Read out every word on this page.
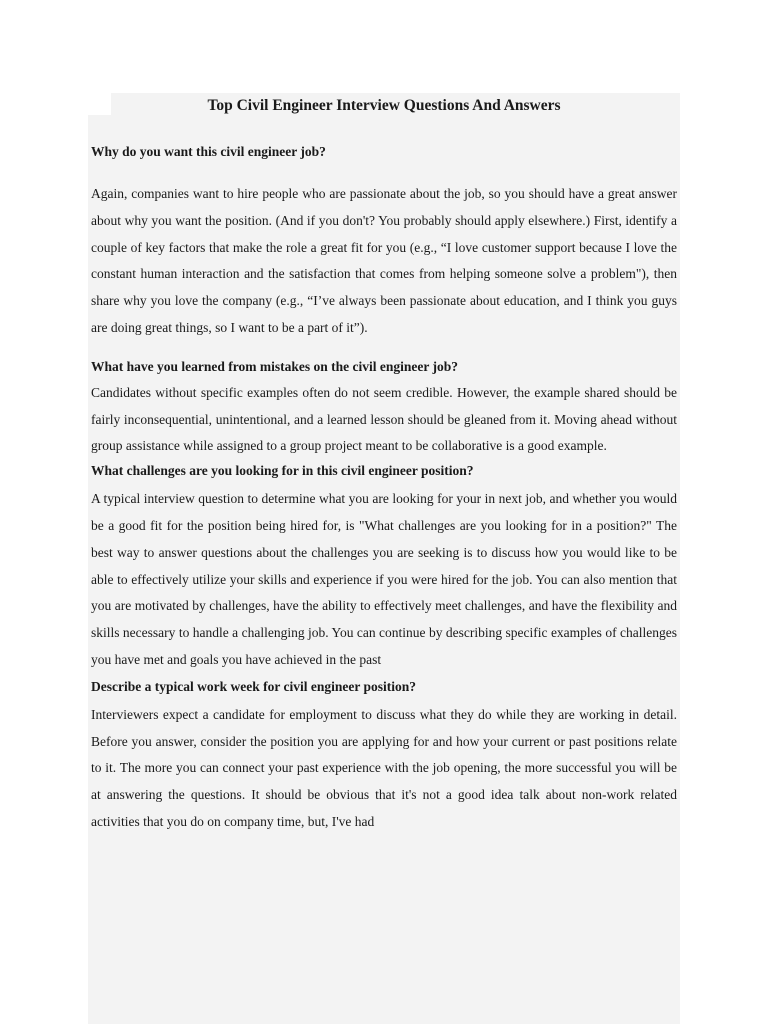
Top Civil Engineer Interview Questions And Answers

Why do you want this civil engineer job?

Again, companies want to hire people who are passionate about the job, so you should have a great answer about why you want the position. (And if you don't? You probably should apply elsewhere.) First, identify a couple of key factors that make the role a great fit for you (e.g., “I love customer support because I love the constant human interaction and the satisfaction that comes from helping someone solve a problem"), then share why you love the company (e.g., “I’ve always been passionate about education, and I think you guys are doing great things, so I want to be a part of it”).

What have you learned from mistakes on the civil engineer job?

Candidates without specific examples often do not seem credible. However, the example shared should be fairly inconsequential, unintentional, and a learned lesson should be gleaned from it. Moving ahead without group assistance while assigned to a group project meant to be collaborative is a good example.

What challenges are you looking for in this civil engineer position?

A typical interview question to determine what you are looking for your in next job, and whether you would be a good fit for the position being hired for, is "What challenges are you looking for in a position?" The best way to answer questions about the challenges you are seeking is to discuss how you would like to be able to effectively utilize your skills and experience if you were hired for the job. You can also mention that you are motivated by challenges, have the ability to effectively meet challenges, and have the flexibility and skills necessary to handle a challenging job. You can continue by describing specific examples of challenges you have met and goals you have achieved in the past

Describe a typical work week for civil engineer position?

Interviewers expect a candidate for employment to discuss what they do while they are working in detail. Before you answer, consider the position you are applying for and how your current or past positions relate to it. The more you can connect your past experience with the job opening, the more successful you will be at answering the questions. It should be obvious that it's not a good idea talk about non-work related activities that you do on company time, but, I've had
